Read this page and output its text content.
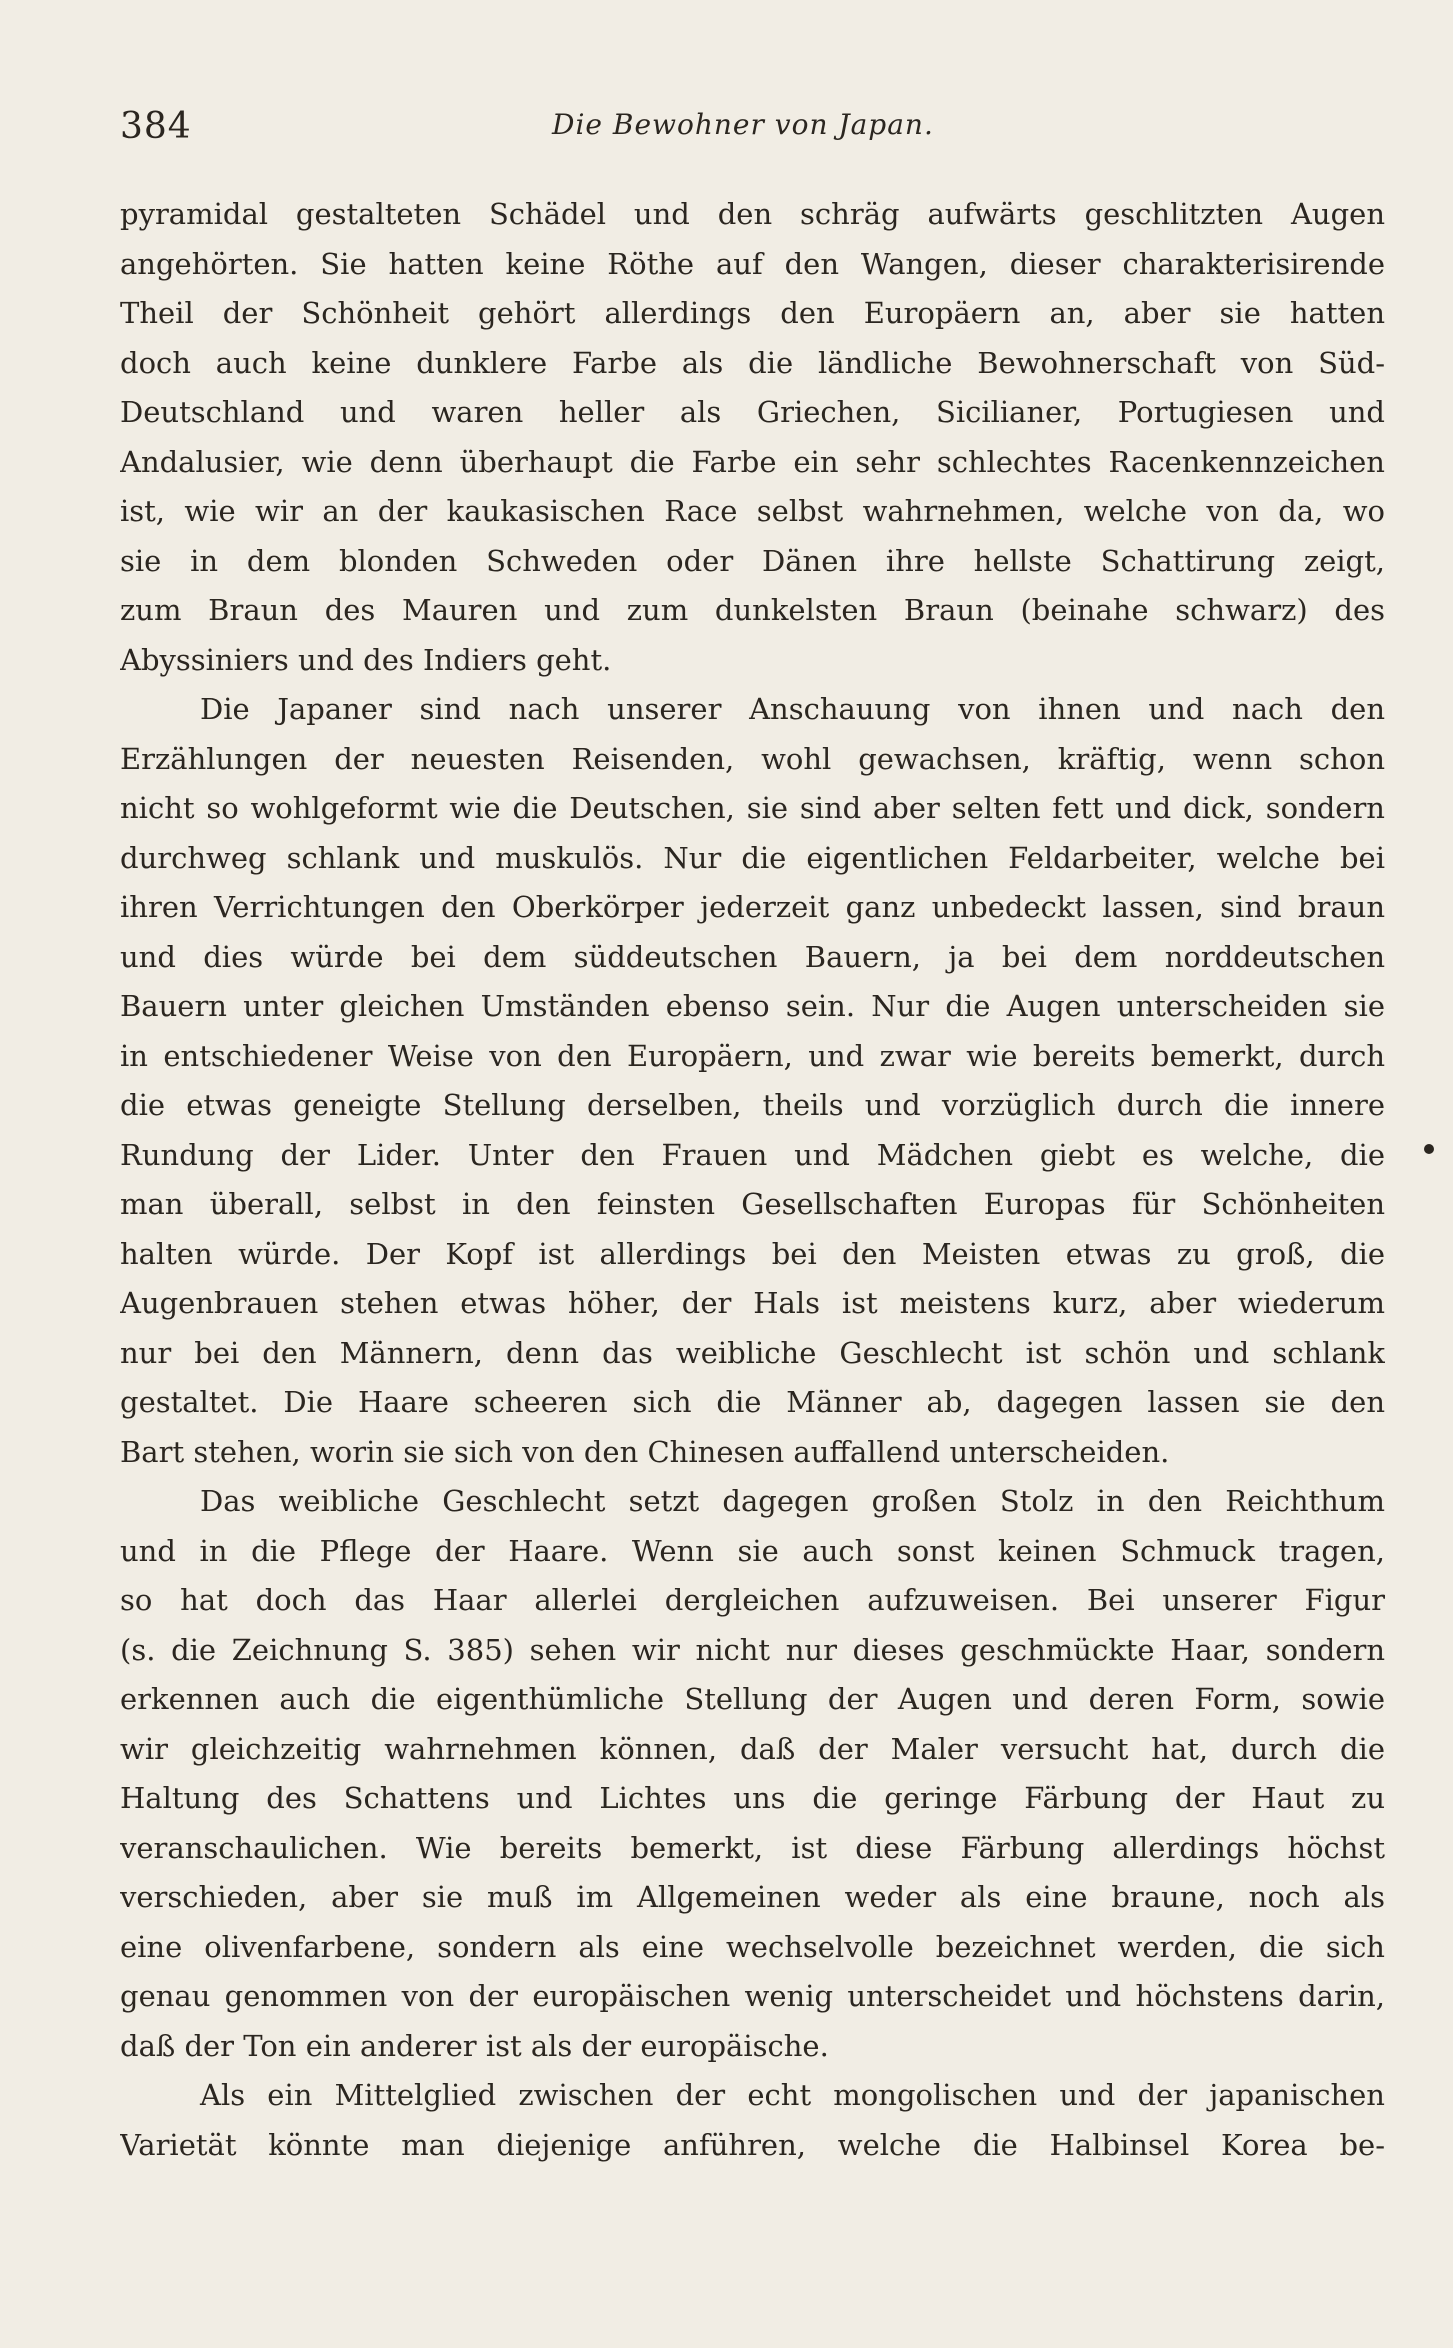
384	Die Bewohner von Japan.
pyramidal gestalteten Schädel und den schräg aufwärts geschlitzten Augen
angehörten. Sie hatten keine Röthe auf den Wangen, dieser charakterisirende
Theil der Schönheit gehört allerdings den Europäern an, aber sie hatten
doch auch keine dunklere Farbe als die ländliche Bewohnerschaft von Süd-
Deutschland und waren heller als Griechen, Sicilianer, Portugiesen und
Andalusier, wie denn überhaupt die Farbe ein sehr schlechtes Racenkennzeichen
ist, wie wir an der kaukasischen Race selbst wahrnehmen, welche von da, wo
sie in dem blonden Schweden oder Dänen ihre hellste Schattirung zeigt,
zum Braun des Mauren und zum dunkelsten Braun (beinahe schwarz) des
Abyssiniers und des Indiers geht.
Die Japaner sind nach unserer Anschauung von ihnen und nach den
Erzählungen der neuesten Reisenden, wohl gewachsen, kräftig, wenn schon
nicht so wohlgeformt wie die Deutschen, sie sind aber selten fett und dick, sondern
durchweg schlank und muskulös. Nur die eigentlichen Feldarbeiter, welche bei
ihren Verrichtungen den Oberkörper jederzeit ganz unbedeckt lassen, sind braun
und dies würde bei dem süddeutschen Bauern, ja bei dem norddeutschen
Bauern unter gleichen Umständen ebenso sein. Nur die Augen unterscheiden sie
in entschiedener Weise von den Europäern, und zwar wie bereits bemerkt, durch
die etwas geneigte Stellung derselben, theils und vorzüglich durch die innere
Rundung der Lider. Unter den Frauen und Mädchen giebt es welche, die
man überall, selbst in den feinsten Gesellschaften Europas für Schönheiten
halten würde. Der Kopf ist allerdings bei den Meisten etwas zu groß, die
Augenbrauen stehen etwas höher, der Hals ist meistens kurz, aber wiederum
nur bei den Männern, denn das weibliche Geschlecht ist schön und schlank
gestaltet. Die Haare scheeren sich die Männer ab, dagegen lassen sie den
Bart stehen, worin sie sich von den Chinesen auffallend unterscheiden.
Das weibliche Geschlecht setzt dagegen großen Stolz in den Reichthum
und in die Pflege der Haare. Wenn sie auch sonst keinen Schmuck tragen,
so hat doch das Haar allerlei dergleichen aufzuweisen. Bei unserer Figur
(s. die Zeichnung S. 385) sehen wir nicht nur dieses geschmückte Haar, sondern
erkennen auch die eigenthümliche Stellung der Augen und deren Form, sowie
wir gleichzeitig wahrnehmen können, daß der Maler versucht hat, durch die
Haltung des Schattens und Lichtes uns die geringe Färbung der Haut zu
veranschaulichen. Wie bereits bemerkt, ist diese Färbung allerdings höchst
verschieden, aber sie muß im Allgemeinen weder als eine braune, noch als
eine olivenfarbene, sondern als eine wechselvolle bezeichnet werden, die sich
genau genommen von der europäischen wenig unterscheidet und höchstens darin,
daß der Ton ein anderer ist als der europäische.
Als ein Mittelglied zwischen der echt mongolischen und der japanischen
Varietät könnte man diejenige anführen, welche die Halbinsel Korea be-
